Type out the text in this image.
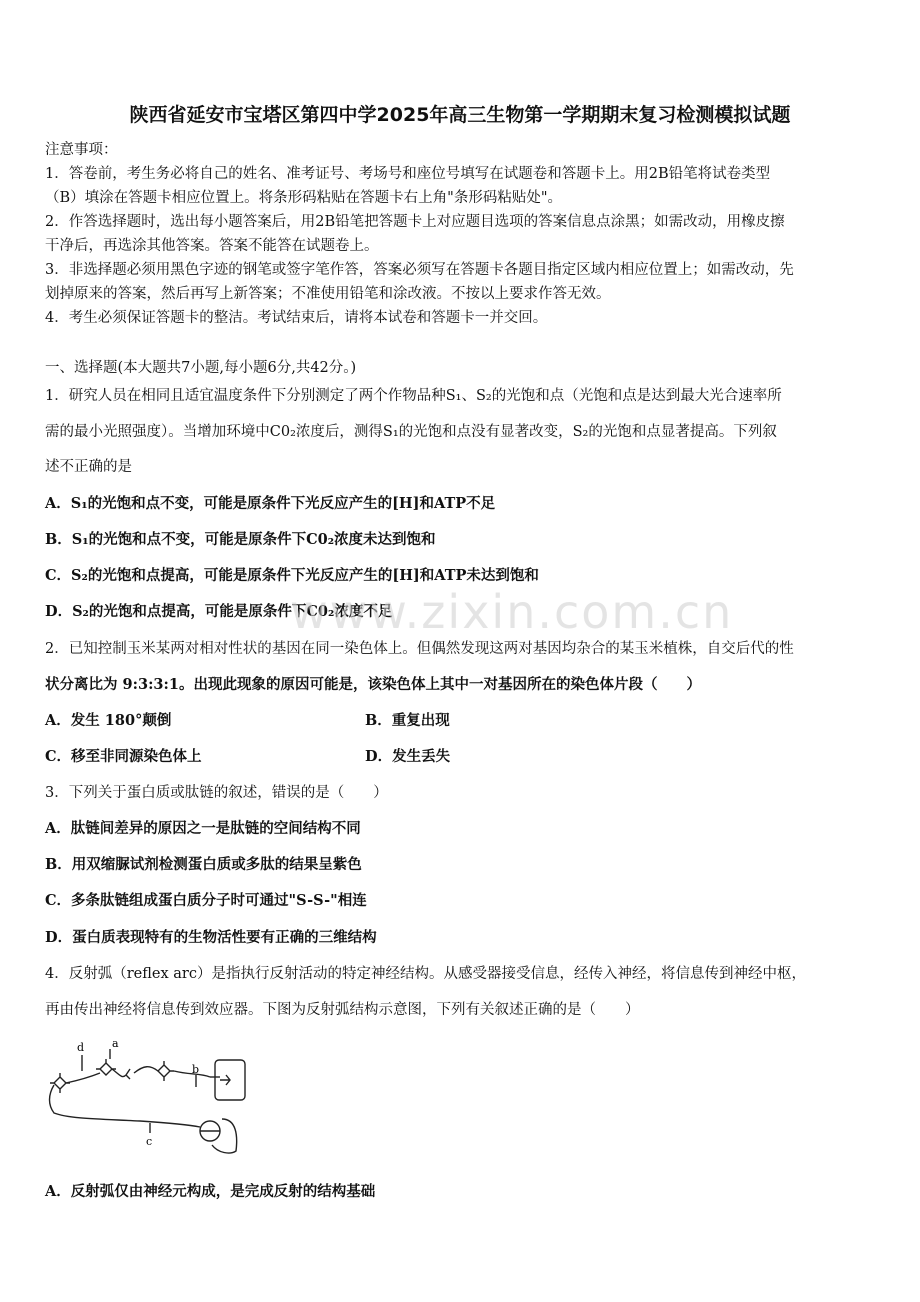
陕西省延安市宝塔区第四中学2025年高三生物第一学期期末复习检测模拟试题
注意事项：
1．答卷前，考生务必将自己的姓名、准考证号、考场号和座位号填写在试题卷和答题卡上。用2B铅笔将试卷类型
（B）填涂在答题卡相应位置上。将条形码粘贴在答题卡右上角"条形码粘贴处"。
2．作答选择题时，选出每小题答案后，用2B铅笔把答题卡上对应题目选项的答案信息点涂黑；如需改动，用橡皮擦
干净后，再选涂其他答案。答案不能答在试题卷上。
3．非选择题必须用黑色字迹的钢笔或签字笔作答，答案必须写在答题卡各题目指定区域内相应位置上；如需改动，先
划掉原来的答案，然后再写上新答案；不准使用铅笔和涂改液。不按以上要求作答无效。
4．考生必须保证答题卡的整洁。考试结束后，请将本试卷和答题卡一并交回。
一、选择题(本大题共7小题,每小题6分,共42分。)
1．研究人员在相同且适宜温度条件下分别测定了两个作物品种S₁、S₂的光饱和点（光饱和点是达到最大光合速率所
需的最小光照强度）。当增加环境中C0₂浓度后，测得S₁的光饱和点没有显著改变，S₂的光饱和点显著提高。下列叙
述不正确的是
A．S₁的光饱和点不变，可能是原条件下光反应产生的[H]和ATP不足
B．S₁的光饱和点不变，可能是原条件下C0₂浓度未达到饱和
C．S₂的光饱和点提高，可能是原条件下光反应产生的[H]和ATP未达到饱和
D．S₂的光饱和点提高，可能是原条件下C0₂浓度不足
2．已知控制玉米某两对相对性状的基因在同一染色体上。但偶然发现这两对基因均杂合的某玉米植株，自交后代的性
状分离比为 9:3:3:1。出现此现象的原因可能是，该染色体上其中一对基因所在的染色体片段（　　）
A．发生 180°颠倒	B．重复出现
C．移至非同源染色体上	D．发生丢失
3．下列关于蛋白质或肽链的叙述，错误的是（　　）
A．肽链间差异的原因之一是肽链的空间结构不同
B．用双缩脲试剂检测蛋白质或多肽的结果呈紫色
C．多条肽链组成蛋白质分子时可通过"S-S-"相连
D．蛋白质表现特有的生物活性要有正确的三维结构
4．反射弧（reflex arc）是指执行反射活动的特定神经结构。从感受器接受信息，经传入神经，将信息传到神经中枢，
再由传出神经将信息传到效应器。下图为反射弧结构示意图，下列有关叙述正确的是（　　）
d	a
b
c
A．反射弧仅由神经元构成，是完成反射的结构基础
www.zixin.com.cn
